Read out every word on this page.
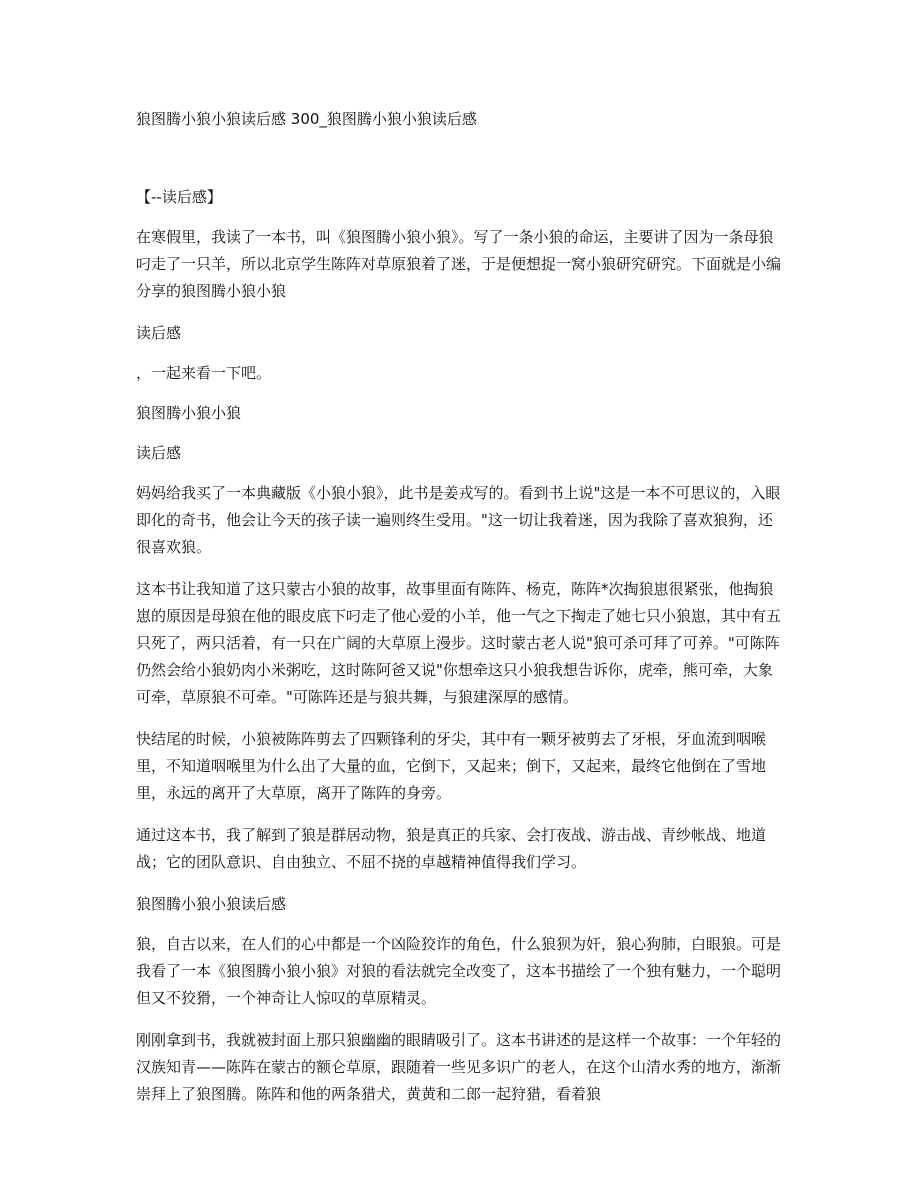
狼图腾小狼小狼读后感 300_狼图腾小狼小狼读后感

【--读后感】

在寒假里，我读了一本书，叫《狼图腾小狼小狼》。写了一条小狼的命运，主要讲了因为一条母狼叼走了一只羊，所以北京学生陈阵对草原狼着了迷，于是便想捉一窝小狼研究研究。下面就是小编分享的狼图腾小狼小狼

读后感

，一起来看一下吧。

狼图腾小狼小狼

读后感

妈妈给我买了一本典藏版《小狼小狼》，此书是姜戎写的。看到书上说"这是一本不可思议的，入眼即化的奇书，他会让今天的孩子读一遍则终生受用。"这一切让我着迷，因为我除了喜欢狼狗，还很喜欢狼。

这本书让我知道了这只蒙古小狼的故事，故事里面有陈阵、杨克，陈阵*次掏狼崽很紧张，他掏狼崽的原因是母狼在他的眼皮底下叼走了他心爱的小羊，他一气之下掏走了她七只小狼崽，其中有五只死了，两只活着，有一只在广阔的大草原上漫步。这时蒙古老人说"狼可杀可拜了可养。"可陈阵仍然会给小狼奶肉小米粥吃，这时陈阿爸又说"你想牵这只小狼我想告诉你，虎牵，熊可牵，大象可牵，草原狼不可牵。"可陈阵还是与狼共舞，与狼建深厚的感情。

快结尾的时候，小狼被陈阵剪去了四颗锋利的牙尖，其中有一颗牙被剪去了牙根，牙血流到咽喉里，不知道咽喉里为什么出了大量的血，它倒下，又起来；倒下，又起来，最终它他倒在了雪地里，永远的离开了大草原，离开了陈阵的身旁。

通过这本书，我了解到了狼是群居动物，狼是真正的兵家、会打夜战、游击战、青纱帐战、地道战；它的团队意识、自由独立、不屈不挠的卓越精神值得我们学习。

狼图腾小狼小狼读后感

狼，自古以来，在人们的心中都是一个凶险狡诈的角色，什么狼狈为奸，狼心狗肺，白眼狼。可是我看了一本《狼图腾小狼小狼》对狼的看法就完全改变了，这本书描绘了一个独有魅力，一个聪明但又不狡猾，一个神奇让人惊叹的草原精灵。

刚刚拿到书，我就被封面上那只狼幽幽的眼睛吸引了。这本书讲述的是这样一个故事：一个年轻的汉族知青——陈阵在蒙古的额仑草原，跟随着一些见多识广的老人，在这个山清水秀的地方，渐渐崇拜上了狼图腾。陈阵和他的两条猎犬，黄黄和二郎一起狩猎，看着狼
